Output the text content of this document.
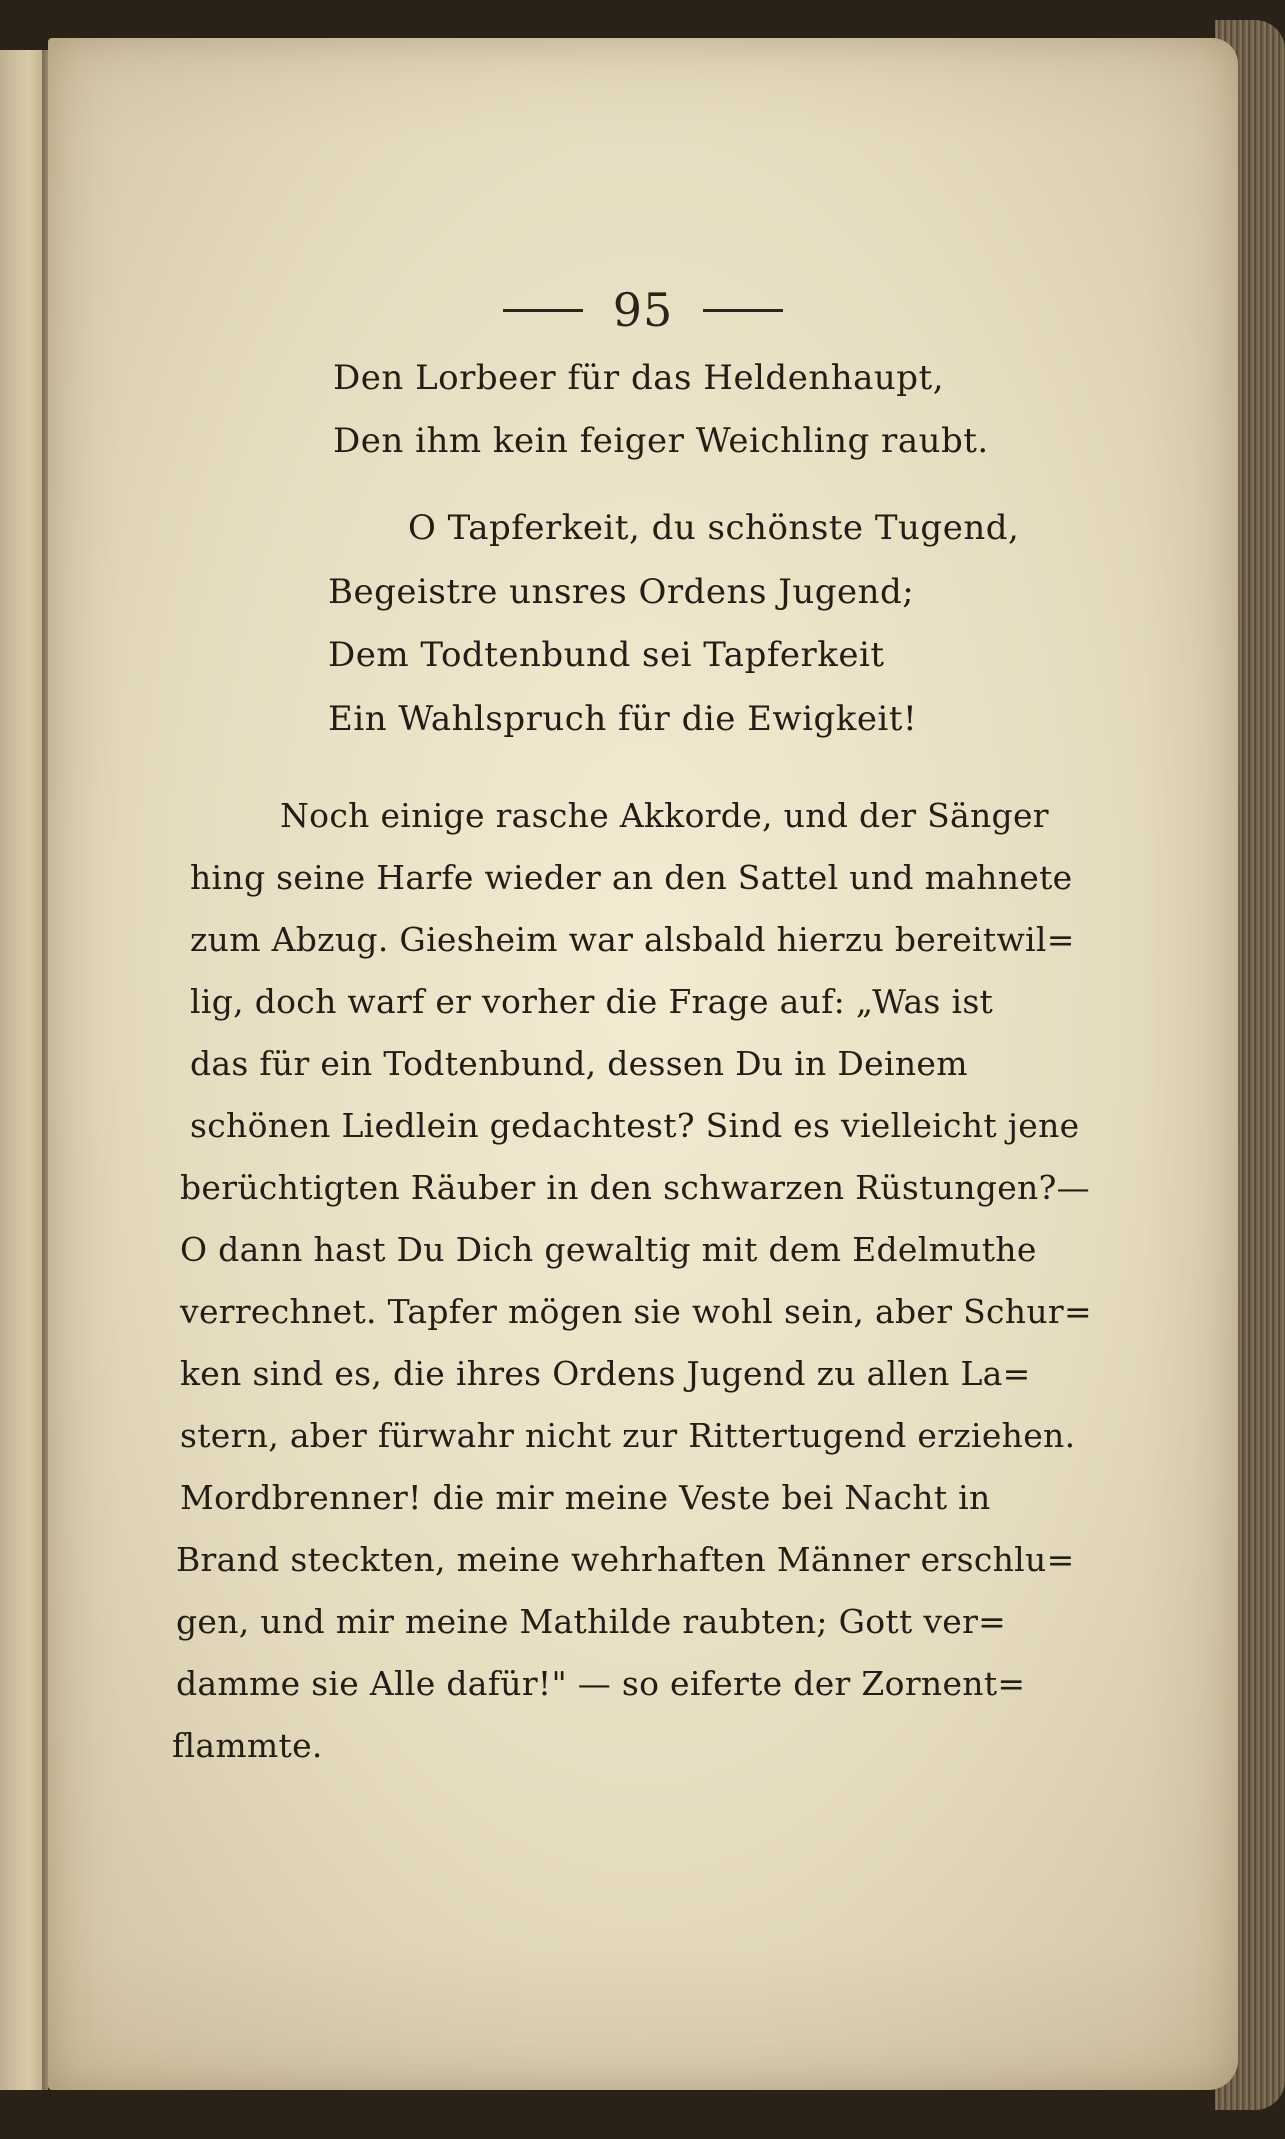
95
Den Lorbeer für das Heldenhaupt,
Den ihm kein feiger Weichling raubt.
O Tapferkeit, du schönste Tugend,
Begeistre unsres Ordens Jugend;
Dem Todtenbund sei Tapferkeit
Ein Wahlspruch für die Ewigkeit!
Noch einige rasche Akkorde, und der Sänger
hing seine Harfe wieder an den Sattel und mahnete
zum Abzug. Giesheim war alsbald hierzu bereitwil=
lig, doch warf er vorher die Frage auf: „Was ist
das für ein Todtenbund, dessen Du in Deinem
schönen Liedlein gedachtest? Sind es vielleicht jene
berüchtigten Räuber in den schwarzen Rüstungen?—
O dann hast Du Dich gewaltig mit dem Edelmuthe
verrechnet. Tapfer mögen sie wohl sein, aber Schur=
ken sind es, die ihres Ordens Jugend zu allen La=
stern, aber fürwahr nicht zur Rittertugend erziehen.
Mordbrenner! die mir meine Veste bei Nacht in
Brand steckten, meine wehrhaften Männer erschlu=
gen, und mir meine Mathilde raubten; Gott ver=
damme sie Alle dafür!" — so eiferte der Zornent=
flammte.
